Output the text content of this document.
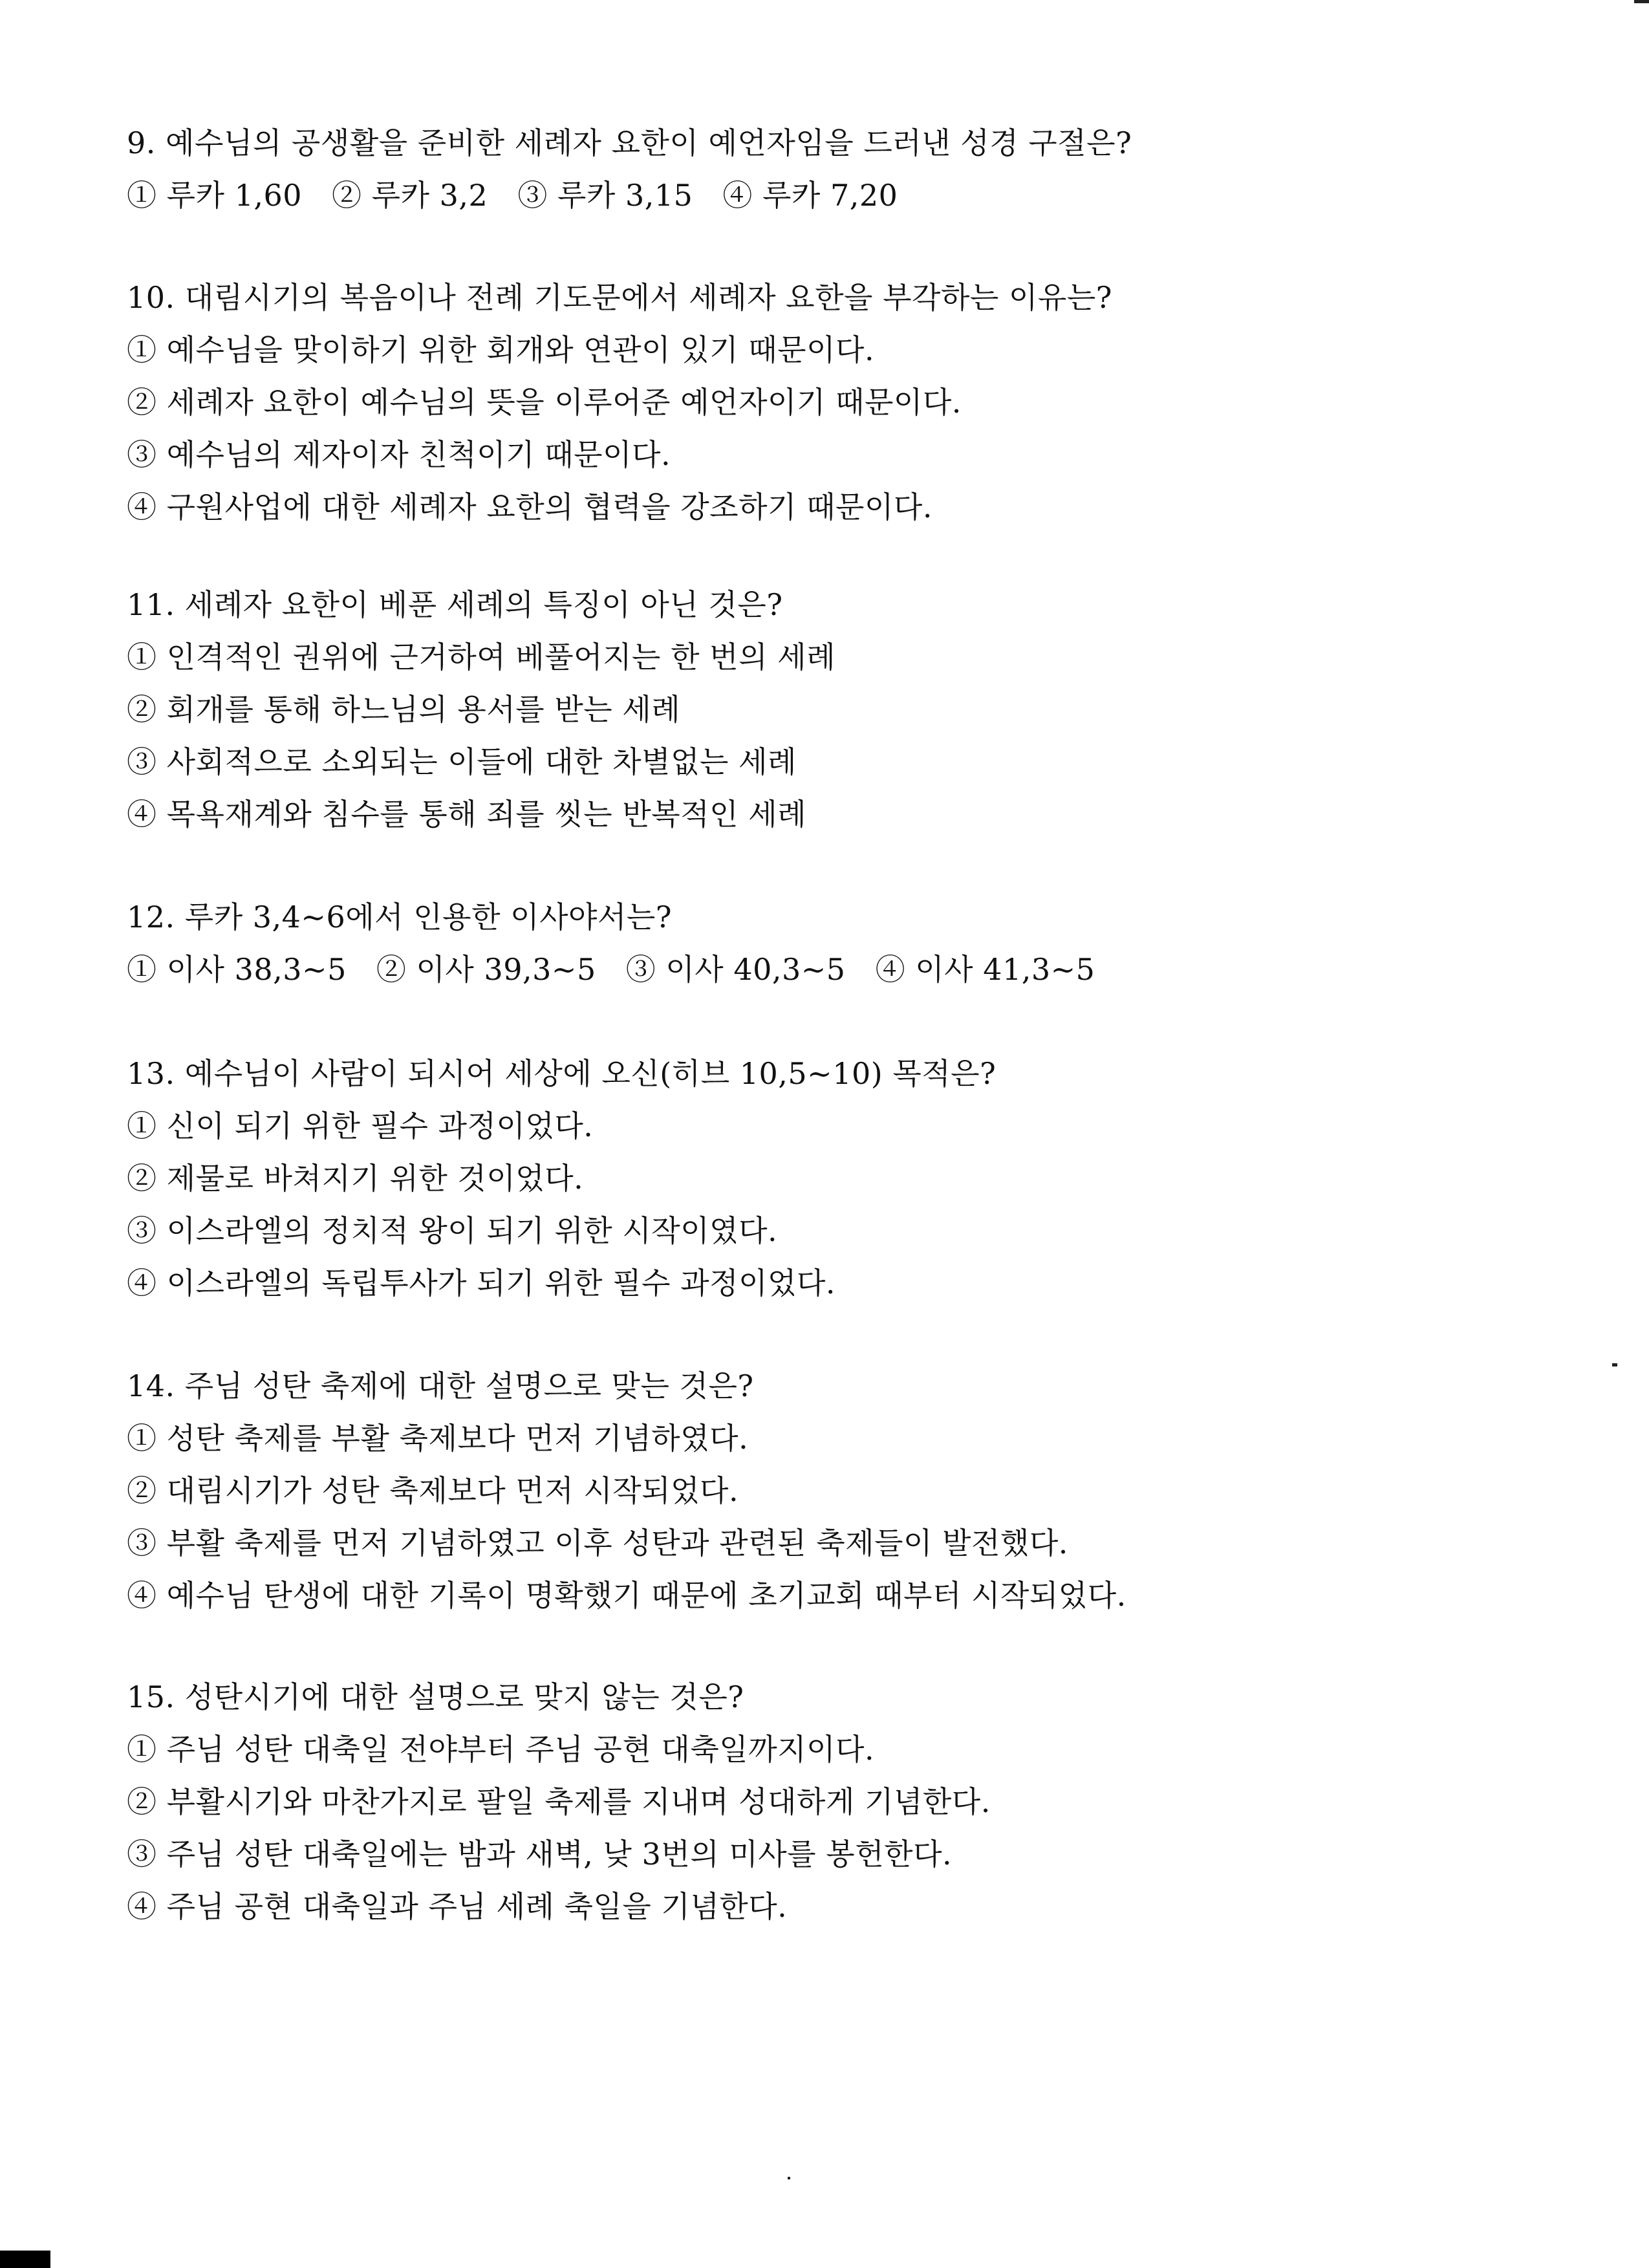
9. 예수님의 공생활을 준비한 세례자 요한이 예언자임을 드러낸 성경 구절은?
① 루카 1,60 ② 루카 3,2 ③ 루카 3,15 ④ 루카 7,20
10. 대림시기의 복음이나 전례 기도문에서 세례자 요한을 부각하는 이유는?
① 예수님을 맞이하기 위한 회개와 연관이 있기 때문이다.
② 세례자 요한이 예수님의 뜻을 이루어준 예언자이기 때문이다.
③ 예수님의 제자이자 친척이기 때문이다.
④ 구원사업에 대한 세례자 요한의 협력을 강조하기 때문이다.
11. 세례자 요한이 베푼 세례의 특징이 아닌 것은?
① 인격적인 권위에 근거하여 베풀어지는 한 번의 세례
② 회개를 통해 하느님의 용서를 받는 세례
③ 사회적으로 소외되는 이들에 대한 차별없는 세례
④ 목욕재계와 침수를 통해 죄를 씻는 반복적인 세례
12. 루카 3,4~6에서 인용한 이사야서는?
① 이사 38,3~5 ② 이사 39,3~5 ③ 이사 40,3~5 ④ 이사 41,3~5
13. 예수님이 사람이 되시어 세상에 오신(히브 10,5~10) 목적은?
① 신이 되기 위한 필수 과정이었다.
② 제물로 바쳐지기 위한 것이었다.
③ 이스라엘의 정치적 왕이 되기 위한 시작이였다.
④ 이스라엘의 독립투사가 되기 위한 필수 과정이었다.
14. 주님 성탄 축제에 대한 설명으로 맞는 것은?
① 성탄 축제를 부활 축제보다 먼저 기념하였다.
② 대림시기가 성탄 축제보다 먼저 시작되었다.
③ 부활 축제를 먼저 기념하였고 이후 성탄과 관련된 축제들이 발전했다.
④ 예수님 탄생에 대한 기록이 명확했기 때문에 초기교회 때부터 시작되었다.
15. 성탄시기에 대한 설명으로 맞지 않는 것은?
① 주님 성탄 대축일 전야부터 주님 공현 대축일까지이다.
② 부활시기와 마찬가지로 팔일 축제를 지내며 성대하게 기념한다.
③ 주님 성탄 대축일에는 밤과 새벽, 낮 3번의 미사를 봉헌한다.
④ 주님 공현 대축일과 주님 세례 축일을 기념한다.
